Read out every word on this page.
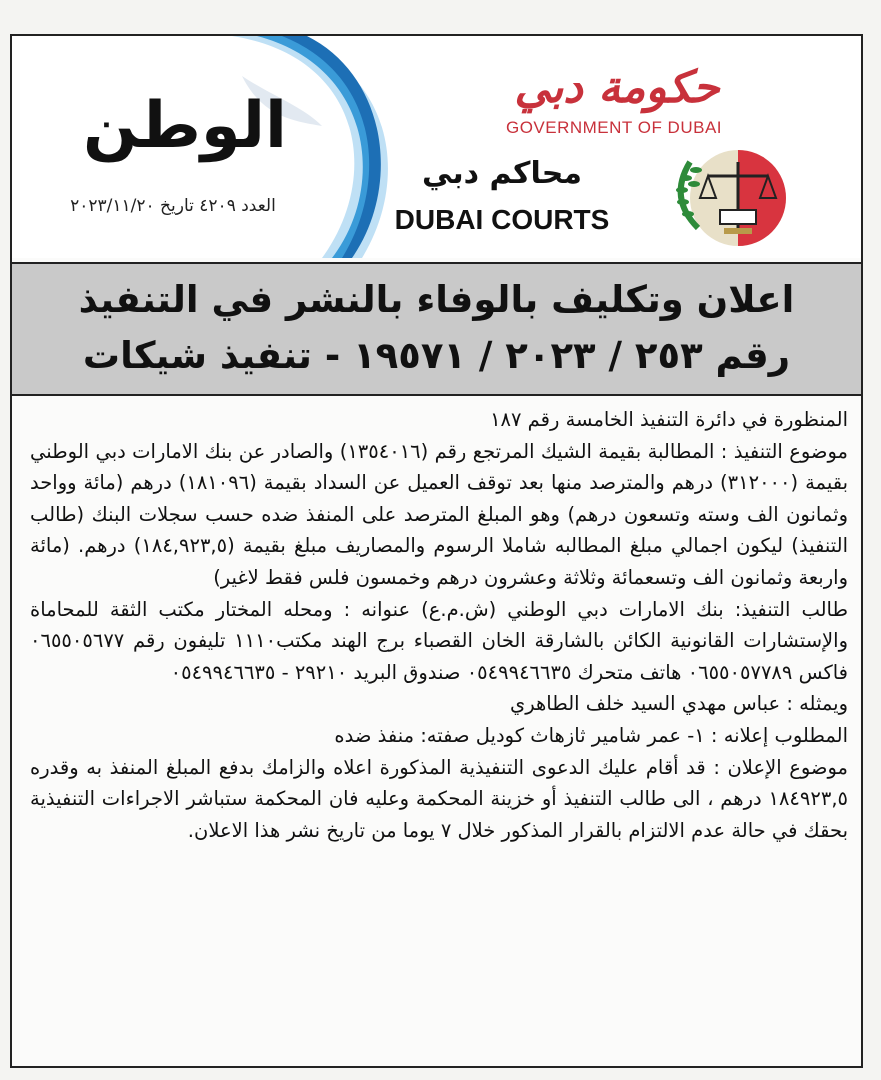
الوطن
العدد ٤٢٠٩ تاريخ ٢٠٢٣/١١/٢٠
حكومة دبي
GOVERNMENT OF DUBAI
محاكم دبي
DUBAI COURTS
اعلان وتكليف بالوفاء بالنشر في التنفيذ
رقم ٢٥٣ / ٢٠٢٣ / ١٩٥٧١ - تنفيذ شيكات

المنظورة في دائرة التنفيذ الخامسة رقم ١٨٧

موضوع التنفيذ : المطالبة بقيمة الشيك المرتجع رقم (١٣٥٤٠١٦) والصادر عن بنك الامارات دبي الوطني بقيمة (٣١٢٠٠٠) درهم والمترصد منها بعد توقف العميل عن السداد بقيمة (١٨١٠٩٦) درهم (مائة وواحد وثمانون الف وسته وتسعون درهم) وهو المبلغ المترصد على المنفذ ضده حسب سجلات البنك (طالب التنفيذ) ليكون اجمالي مبلغ المطالبه شاملا الرسوم والمصاريف مبلغ بقيمة (١٨٤,٩٢٣,٥) درهم. (مائة واربعة وثمانون الف وتسعمائة وثلاثة وعشرون درهم وخمسون فلس فقط لاغير)

طالب التنفيذ: بنك الامارات دبي الوطني (ش.م.ع) عنوانه : ومحله المختار مكتب الثقة للمحاماة والإستشارات القانونية الكائن بالشارقة الخان القصباء برج الهند مكتب١١١٠ تليفون رقم ٠٦٥٥٠٥٦٧٧ فاكس ٠٦٥٥٠٥٧٧٨٩ هاتف متحرك ٠٥٤٩٩٤٦٦٣٥ صندوق البريد ٢٩٢١٠ - ٠٥٤٩٩٤٦٦٣٥

ويمثله : عباس مهدي السيد خلف الطاهري

المطلوب إعلانه : ١- عمر شامير ثازهاث كوديل صفته: منفذ ضده

موضوع الإعلان : قد أقام عليك الدعوى التنفيذية المذكورة اعلاه والزامك بدفع المبلغ المنفذ به وقدره ١٨٤٩٢٣,٥ درهم ، الى طالب التنفيذ أو خزينة المحكمة وعليه فان المحكمة ستباشر الاجراءات التنفيذية بحقك في حالة عدم الالتزام بالقرار المذكور خلال ٧ يوما من تاريخ نشر هذا الاعلان.
